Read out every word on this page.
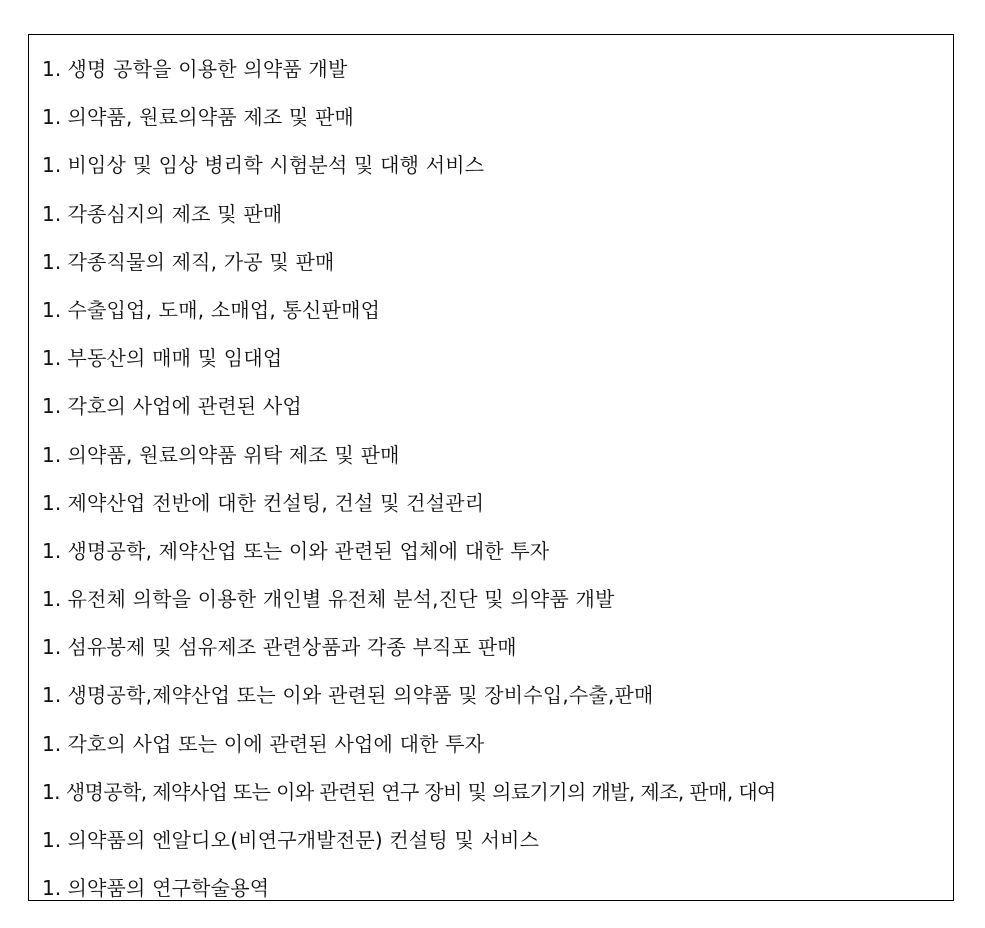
1. 생명 공학을 이용한 의약품 개발
1. 의약품, 원료의약품 제조 및 판매
1. 비임상 및 임상 병리학 시험분석 및 대행 서비스
1. 각종심지의 제조 및 판매
1. 각종직물의 제직, 가공 및 판매
1. 수출입업, 도매, 소매업, 통신판매업
1. 부동산의 매매 및 임대업
1. 각호의 사업에 관련된 사업
1. 의약품, 원료의약품 위탁 제조 및 판매
1. 제약산업 전반에 대한 컨설팅, 건설 및 건설관리
1. 생명공학, 제약산업 또는 이와 관련된 업체에 대한 투자
1. 유전체 의학을 이용한 개인별 유전체 분석,진단 및 의약품 개발
1. 섬유봉제 및 섬유제조 관련상품과 각종 부직포 판매
1. 생명공학,제약산업 또는 이와 관련된 의약품 및 장비수입,수출,판매
1. 각호의 사업 또는 이에 관련된 사업에 대한 투자
1. 생명공학, 제약사업 또는 이와 관련된 연구 장비 및 의료기기의 개발, 제조, 판매, 대여
1. 의약품의 엔알디오(비연구개발전문) 컨설팅 및 서비스
1. 의약품의 연구학술용역
